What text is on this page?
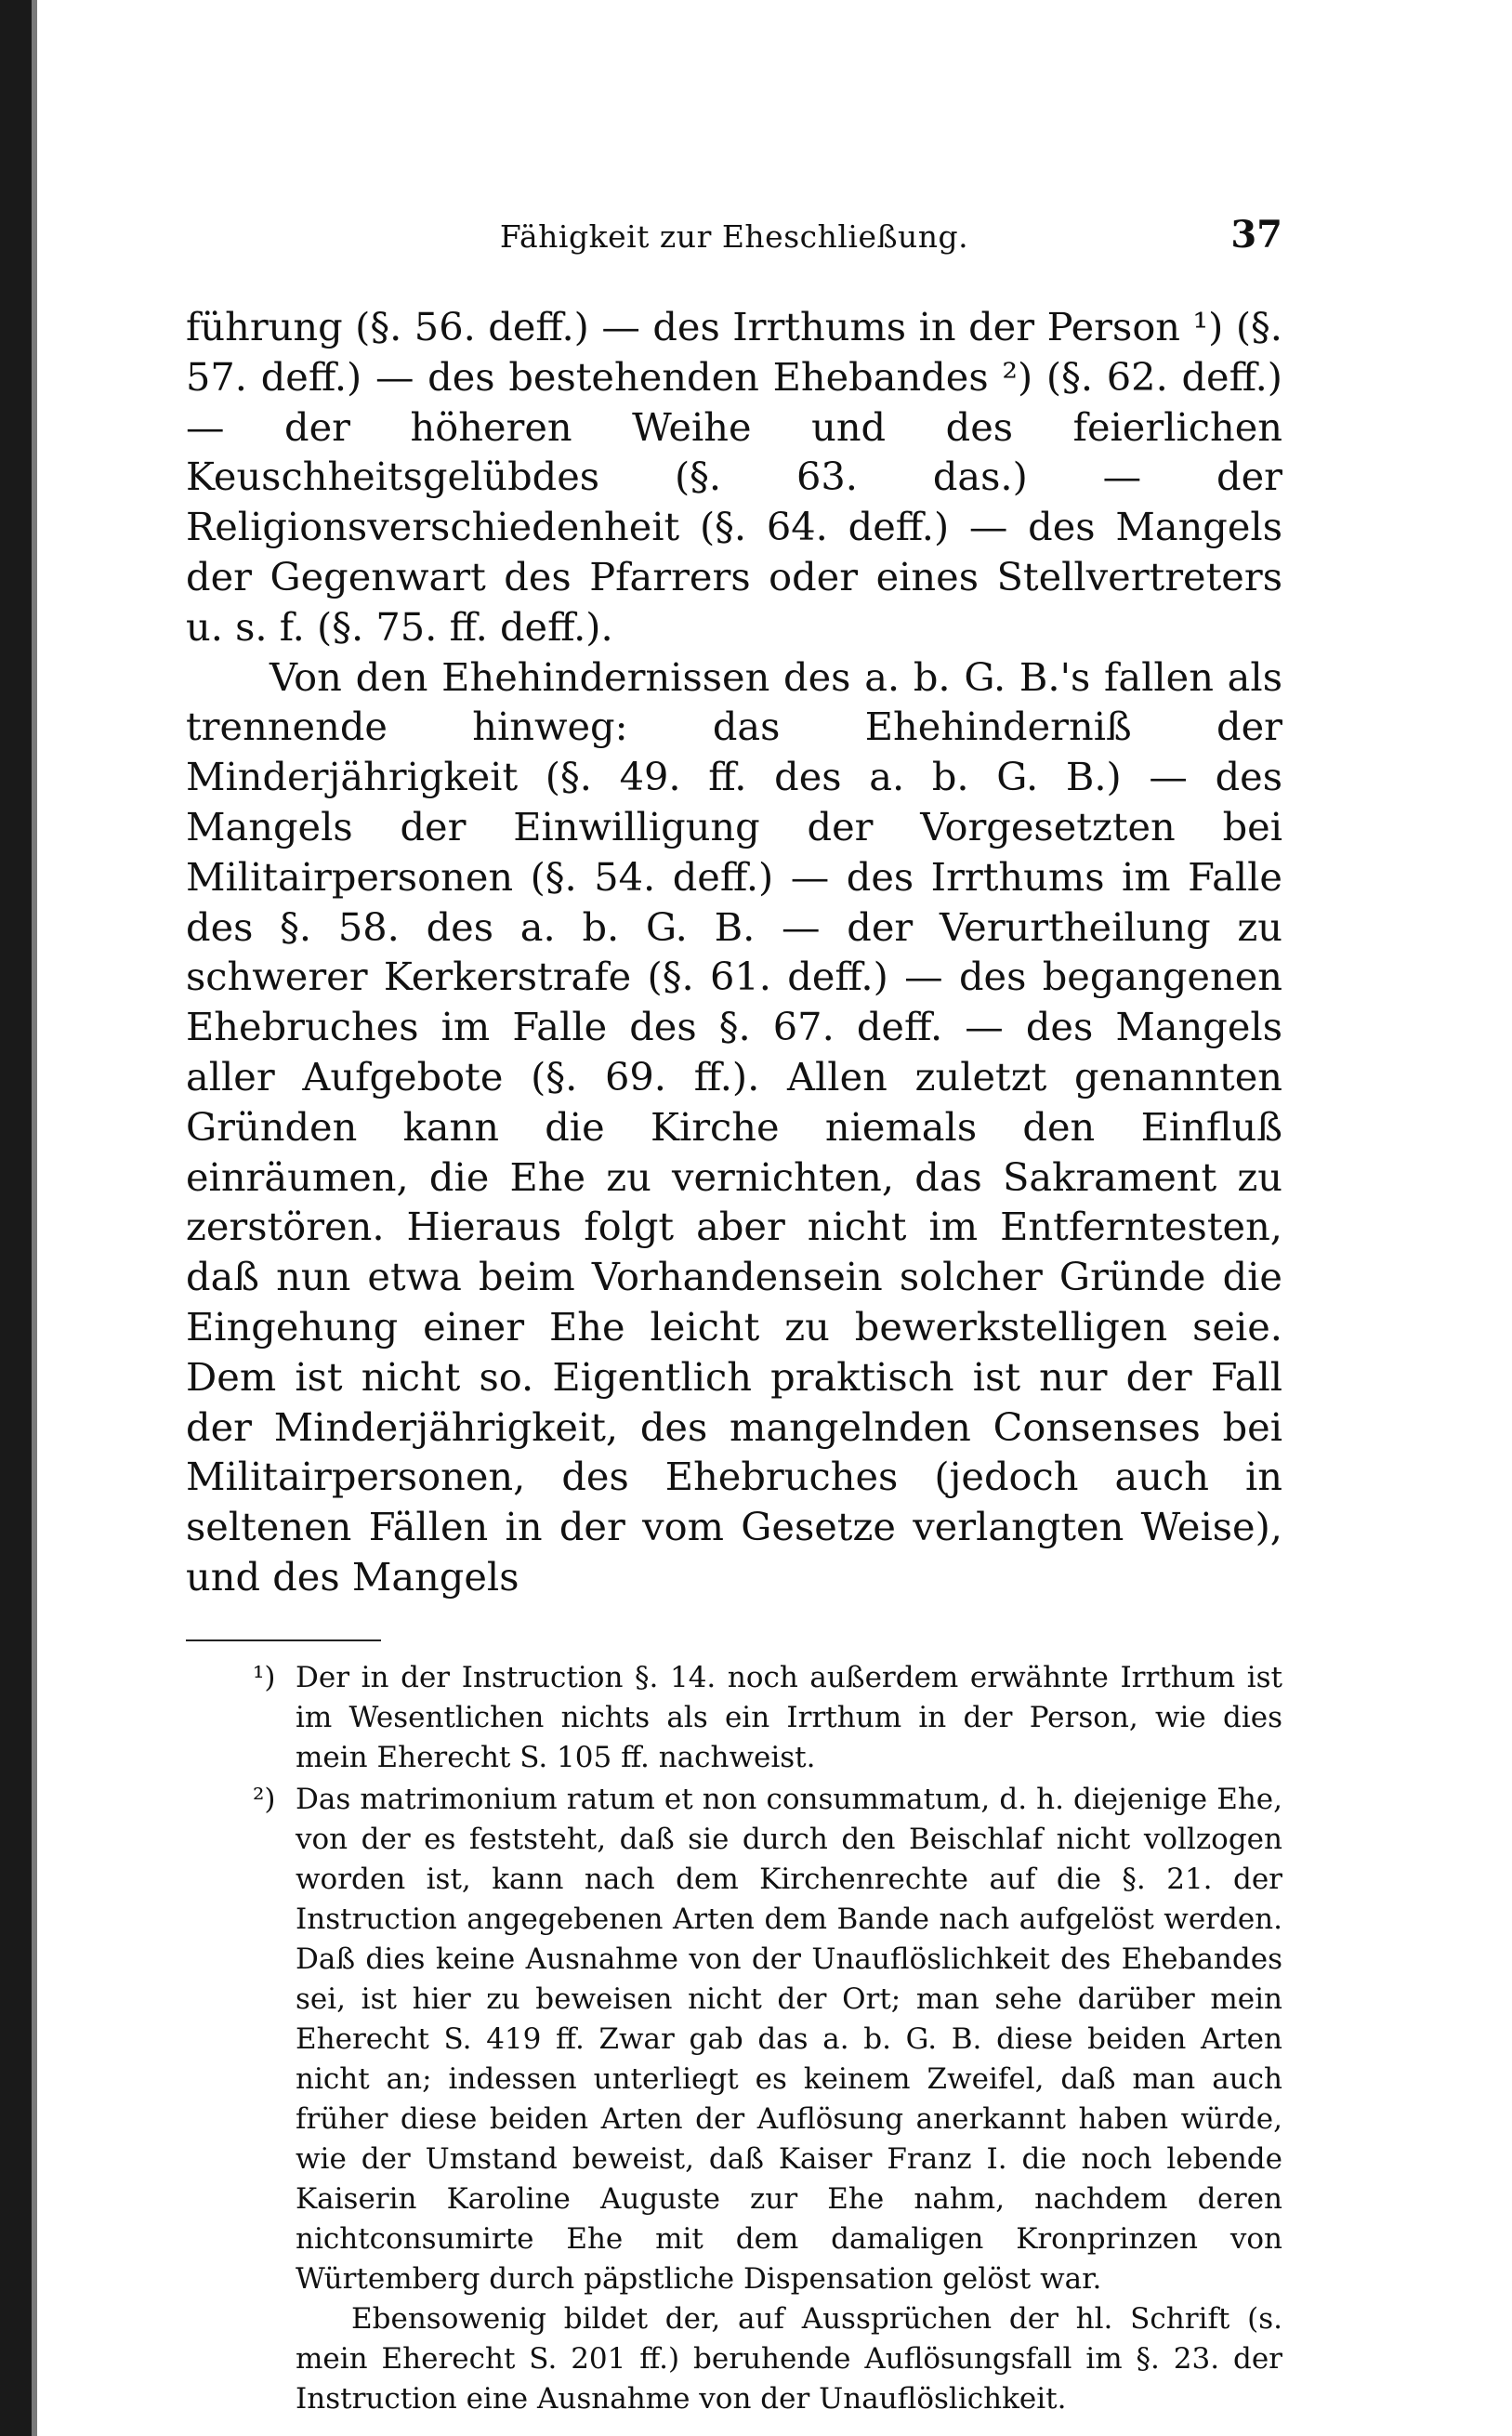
Fähigkeit zur Eheschließung.	37

führung (§. 56. deff.) — des Irrthums in der Person ¹) (§. 57. deff.) — des bestehenden Ehebandes ²) (§. 62. deff.) — der höheren Weihe und des feierlichen Keuschheitsgelübdes (§. 63. das.) — der Religionsverschiedenheit (§. 64. deff.) — des Mangels der Gegenwart des Pfarrers oder eines Stellvertreters u. s. f. (§. 75. ff. deff.).

Von den Ehehindernissen des a. b. G. B.'s fallen als trennende hinweg: das Ehehinderniß der Minderjährigkeit (§. 49. ff. des a. b. G. B.) — des Mangels der Einwilligung der Vorgesetzten bei Militairpersonen (§. 54. deff.) — des Irrthums im Falle des §. 58. des a. b. G. B. — der Verurtheilung zu schwerer Kerkerstrafe (§. 61. deff.) — des begangenen Ehebruches im Falle des §. 67. deff. — des Mangels aller Aufgebote (§. 69. ff.). Allen zuletzt genannten Gründen kann die Kirche niemals den Einfluß einräumen, die Ehe zu vernichten, das Sakrament zu zerstören. Hieraus folgt aber nicht im Entferntesten, daß nun etwa beim Vorhandensein solcher Gründe die Eingehung einer Ehe leicht zu bewerkstelligen seie. Dem ist nicht so. Eigentlich praktisch ist nur der Fall der Minderjährigkeit, des mangelnden Consenses bei Militairpersonen, des Ehebruches (jedoch auch in seltenen Fällen in der vom Gesetze verlangten Weise), und des Mangels

¹) Der in der Instruction §. 14. noch außerdem erwähnte Irrthum ist im Wesentlichen nichts als ein Irrthum in der Person, wie dies mein Eherecht S. 105 ff. nachweist.
²) Das matrimonium ratum et non consummatum, d. h. diejenige Ehe, von der es feststeht, daß sie durch den Beischlaf nicht vollzogen worden ist, kann nach dem Kirchenrechte auf die §. 21. der Instruction angegebenen Arten dem Bande nach aufgelöst werden. Daß dies keine Ausnahme von der Unauflöslichkeit des Ehebandes sei, ist hier zu beweisen nicht der Ort; man sehe darüber mein Eherecht S. 419 ff. Zwar gab das a. b. G. B. diese beiden Arten nicht an; indessen unterliegt es keinem Zweifel, daß man auch früher diese beiden Arten der Auflösung anerkannt haben würde, wie der Umstand beweist, daß Kaiser Franz I. die noch lebende Kaiserin Karoline Auguste zur Ehe nahm, nachdem deren nichtconsumirte Ehe mit dem damaligen Kronprinzen von Würtemberg durch päpstliche Dispensation gelöst war.
Ebensowenig bildet der, auf Aussprüchen der hl. Schrift (s. mein Eherecht S. 201 ff.) beruhende Auflösungsfall im §. 23. der Instruction eine Ausnahme von der Unauflöslichkeit.
